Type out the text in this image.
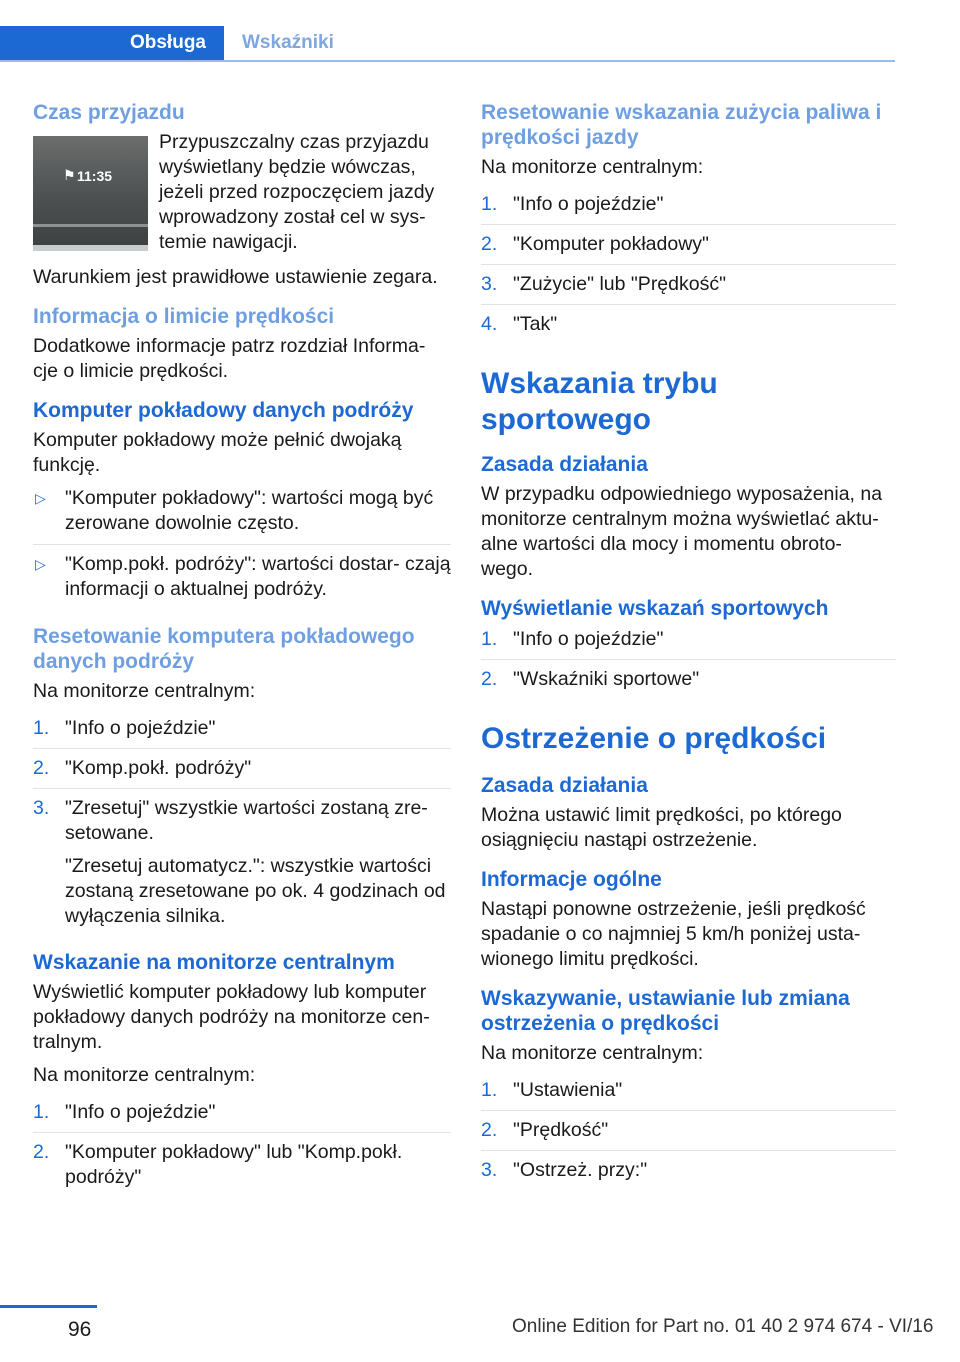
Obsługa	Wskaźniki
Czas przyjazdu
⚑ 11:35

Przypuszczalny czas przyjazdu wyświetlany będzie wówczas, jeżeli przed rozpoczęciem jazdy wprowadzony został cel w sys- temie nawigacji.

Warunkiem jest prawidłowe ustawienie zegara.

Informacja o limicie prędkości

Dodatkowe informacje patrz rozdział Informa- cje o limicie prędkości.

Komputer pokładowy danych podróży

Komputer pokładowy może pełnić dwojaką funkcję.

▷ "Komputer pokładowy": wartości mogą być zerowane dowolnie często.
▷ "Komp.pokł. podróży": wartości dostar- czają informacji o aktualnej podróży.
Resetowanie komputera pokładowego danych podróży

Na monitorze centralnym:

1. "Info o pojeździe"
2. "Komp.pokł. podróży"
3. "Zresetuj" wszystkie wartości zostaną zre- setowane.
"Zresetuj automatycz.": wszystkie wartości zostaną zresetowane po ok. 4 godzinach od wyłączenia silnika.
Wskazanie na monitorze centralnym

Wyświetlić komputer pokładowy lub komputer pokładowy danych podróży na monitorze cen- tralnym.

Na monitorze centralnym:

1. "Info o pojeździe"
2. "Komputer pokładowy" lub "Komp.pokł. podróży"
Resetowanie wskazania zużycia paliwa i prędkości jazdy

Na monitorze centralnym:

1. "Info o pojeździe"
2. "Komputer pokładowy"
3. "Zużycie" lub "Prędkość"
4. "Tak"
Wskazania trybu sportowego
Zasada działania

W przypadku odpowiedniego wyposażenia, na monitorze centralnym można wyświetlać aktu- alne wartości dla mocy i momentu obroto- wego.

Wyświetlanie wskazań sportowych
1. "Info o pojeździe"
2. "Wskaźniki sportowe"
Ostrzeżenie o prędkości
Zasada działania

Można ustawić limit prędkości, po którego osiągnięciu nastąpi ostrzeżenie.

Informacje ogólne

Nastąpi ponowne ostrzeżenie, jeśli prędkość spadanie o co najmniej 5 km/h poniżej usta- wionego limitu prędkości.

Wskazywanie, ustawianie lub zmiana ostrzeżenia o prędkości

Na monitorze centralnym:

1. "Ustawienia"
2. "Prędkość"
3. "Ostrzeż. przy:"
96	Online Edition for Part no. 01 40 2 974 674 - VI/16
